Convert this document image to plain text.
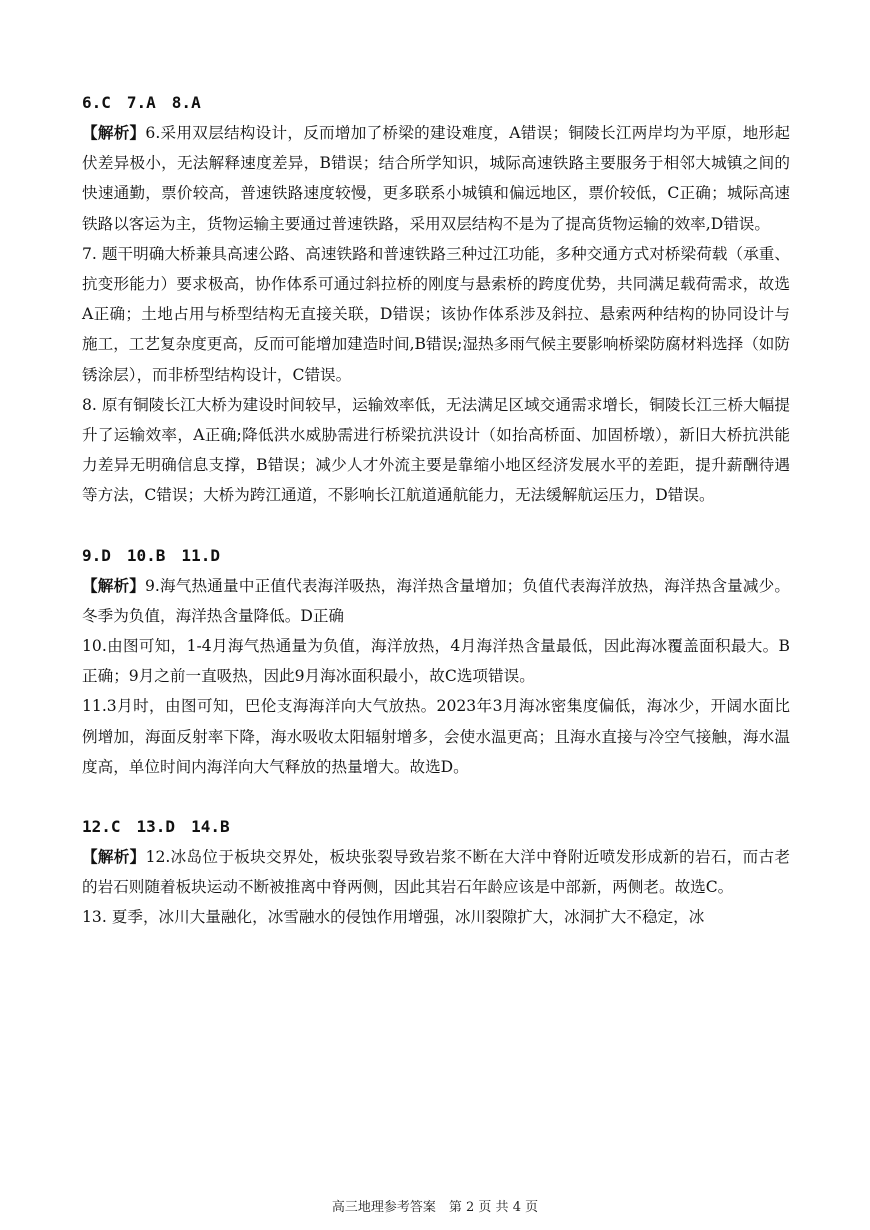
6.C　7.A　8.A

【解析】6.采用双层结构设计，反而增加了桥梁的建设难度，A错误；铜陵长江两岸均为平原，地形起伏差异极小，无法解释速度差异，B错误；结合所学知识，城际高速铁路主要服务于相邻大城镇之间的快速通勤，票价较高，普速铁路速度较慢，更多联系小城镇和偏远地区，票价较低，C正确；城际高速铁路以客运为主，货物运输主要通过普速铁路，采用双层结构不是为了提高货物运输的效率,D错误。

7. 题干明确大桥兼具高速公路、高速铁路和普速铁路三种过江功能，多种交通方式对桥梁荷载（承重、抗变形能力）要求极高，协作体系可通过斜拉桥的刚度与悬索桥的跨度优势，共同满足载荷需求，故选A正确；土地占用与桥型结构无直接关联，D错误；该协作体系涉及斜拉、悬索两种结构的协同设计与施工，工艺复杂度更高，反而可能增加建造时间,B错误;湿热多雨气候主要影响桥梁防腐材料选择（如防锈涂层），而非桥型结构设计，C错误。

8. 原有铜陵长江大桥为建设时间较早，运输效率低，无法满足区域交通需求增长，铜陵长江三桥大幅提升了运输效率，A正确;降低洪水威胁需进行桥梁抗洪设计（如抬高桥面、加固桥墩），新旧大桥抗洪能力差异无明确信息支撑，B错误；减少人才外流主要是靠缩小地区经济发展水平的差距，提升薪酬待遇等方法，C错误；大桥为跨江通道，不影响长江航道通航能力，无法缓解航运压力，D错误。

9.D　10.B　11.D

【解析】9.海气热通量中正值代表海洋吸热，海洋热含量增加；负值代表海洋放热，海洋热含量减少。冬季为负值，海洋热含量降低。D正确

10.由图可知，1-4月海气热通量为负值，海洋放热，4月海洋热含量最低，因此海冰覆盖面积最大。B正确；9月之前一直吸热，因此9月海冰面积最小，故C选项错误。

11.3月时，由图可知，巴伦支海海洋向大气放热。2023年3月海冰密集度偏低，海冰少，开阔水面比例增加，海面反射率下降，海水吸收太阳辐射增多，会使水温更高；且海水直接与冷空气接触，海水温度高，单位时间内海洋向大气释放的热量增大。故选D。

12.C　13.D　14.B

【解析】12.冰岛位于板块交界处，板块张裂导致岩浆不断在大洋中脊附近喷发形成新的岩石，而古老的岩石则随着板块运动不断被推离中脊两侧，因此其岩石年龄应该是中部新，两侧老。故选C。

13. 夏季，冰川大量融化，冰雪融水的侵蚀作用增强，冰川裂隙扩大，冰洞扩大不稳定，冰

高三地理参考答案　第 2 页 共 4 页
